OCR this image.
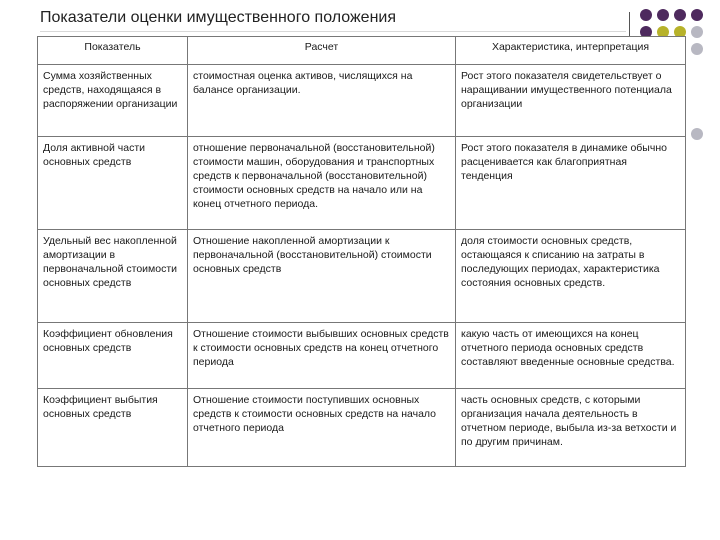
Показатели оценки имущественного положения
Показатель	Расчет	Характеристика, интерпретация
Сумма хозяйственных средств, находящаяся в распоряжении организации	стоимостная оценка активов, числящихся на балансе организации.	Рост этого показателя свидетельствует о наращивании имущественного потенциала организации
Доля активной части основных средств	отношение первоначальной (восстановительной) стоимости машин, оборудования и транспортных средств к первоначальной (восстановительной) стоимости основных средств на начало или на конец отчетного периода.	Рост этого показателя в динамике обычно расценивается как благоприятная тенденция
Удельный вес накопленной амортизации в первоначальной стоимости основных средств	Отношение накопленной амортизации к первоначальной (восстановительной) стоимости основных средств	доля стоимости основных средств, остающаяся к списанию на затраты в последующих периодах, характеристика состояния основных средств.
Коэффициент обновления основных средств	Отношение стоимости выбывших основных средств к стоимости основных средств на конец отчетного периода	какую часть от имеющихся на конец отчетного периода основных средств составляют введенные основные средства.
Коэффициент выбытия основных средств	Отношение стоимости поступивших основных средств к стоимости основных средств на начало отчетного периода	часть основных средств, с которыми организация начала деятельность в отчетном периоде, выбыла из-за ветхости и по другим причинам.
